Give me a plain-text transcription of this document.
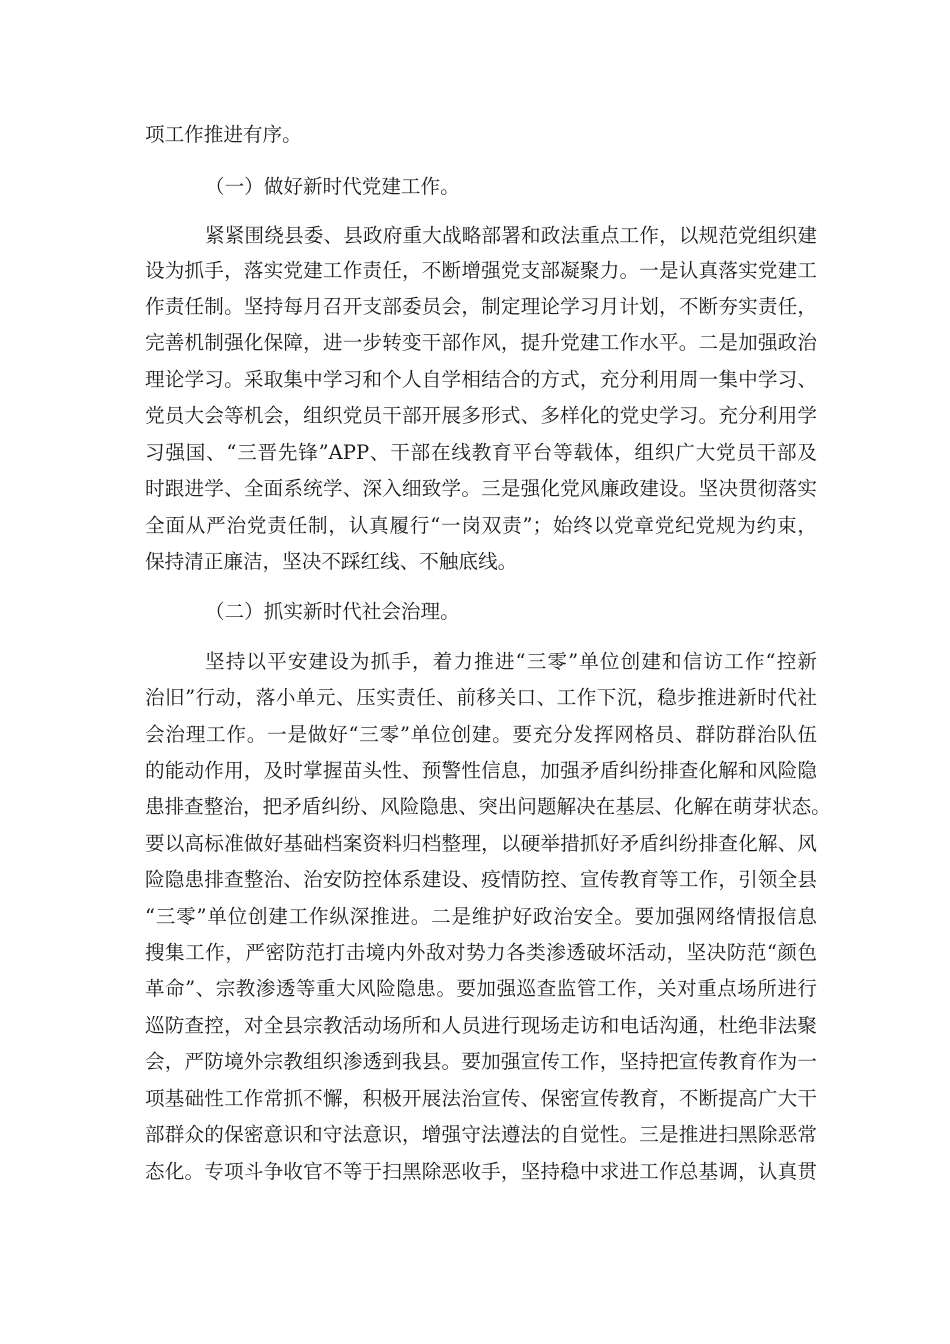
项工作推进有序。
（一）做好新时代党建工作。
紧紧围绕县委、县政府重大战略部署和政法重点工作，以规范党组织建
设为抓手，落实党建工作责任，不断增强党支部凝聚力。一是认真落实党建工
作责任制。坚持每月召开支部委员会，制定理论学习月计划，不断夯实责任，
完善机制强化保障，进一步转变干部作风，提升党建工作水平。二是加强政治
理论学习。采取集中学习和个人自学相结合的方式，充分利用周一集中学习、
党员大会等机会，组织党员干部开展多形式、多样化的党史学习。充分利用学
习强国、“三晋先锋”APP、干部在线教育平台等载体，组织广大党员干部及
时跟进学、全面系统学、深入细致学。三是强化党风廉政建设。坚决贯彻落实
全面从严治党责任制，认真履行“一岗双责”；始终以党章党纪党规为约束，
保持清正廉洁，坚决不踩红线、不触底线。
（二）抓实新时代社会治理。
坚持以平安建设为抓手，着力推进“三零”单位创建和信访工作“控新
治旧”行动，落小单元、压实责任、前移关口、工作下沉，稳步推进新时代社
会治理工作。一是做好“三零”单位创建。要充分发挥网格员、群防群治队伍
的能动作用，及时掌握苗头性、预警性信息，加强矛盾纠纷排查化解和风险隐
患排查整治，把矛盾纠纷、风险隐患、突出问题解决在基层、化解在萌芽状态。
要以高标准做好基础档案资料归档整理，以硬举措抓好矛盾纠纷排查化解、风
险隐患排查整治、治安防控体系建设、疫情防控、宣传教育等工作，引领全县
“三零”单位创建工作纵深推进。二是维护好政治安全。要加强网络情报信息
搜集工作，严密防范打击境内外敌对势力各类渗透破坏活动，坚决防范“颜色
革命”、宗教渗透等重大风险隐患。要加强巡查监管工作，关对重点场所进行
巡防查控，对全县宗教活动场所和人员进行现场走访和电话沟通，杜绝非法聚
会，严防境外宗教组织渗透到我县。要加强宣传工作，坚持把宣传教育作为一
项基础性工作常抓不懈，积极开展法治宣传、保密宣传教育，不断提高广大干
部群众的保密意识和守法意识，增强守法遵法的自觉性。三是推进扫黑除恶常
态化。专项斗争收官不等于扫黑除恶收手，坚持稳中求进工作总基调，认真贯
